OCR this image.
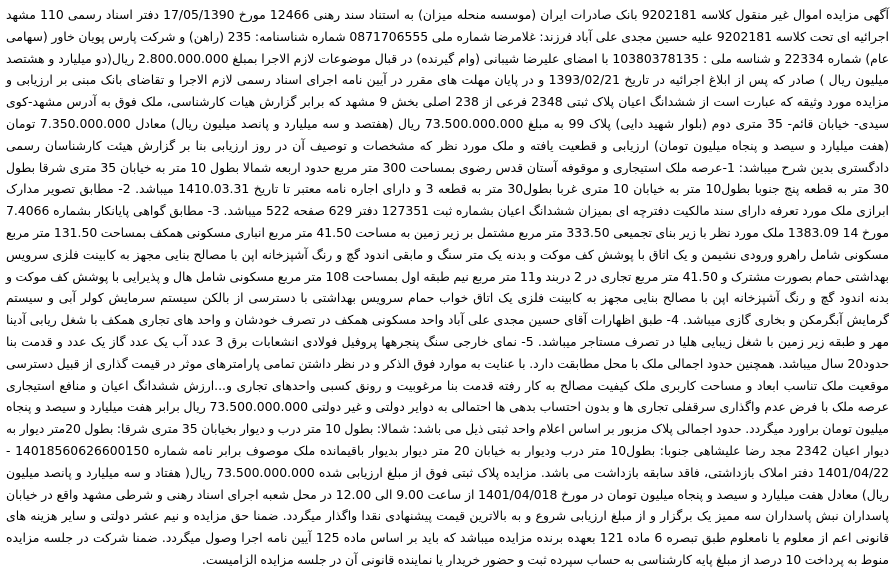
آگهی مزایده اموال غیر منقول کلاسه 9202181 بانک صادرات ایران (موسسه منحله میزان) به استناد سند رهنی 12466 مورخ 17/05/1390 دفتر اسناد رسمی 110 مشهد اجرائیه ای تحت کلاسه 9202181 علیه حسین مجدی علی آباد فرزند: غلامرضا شماره ملی 0871706555 شماره شناسنامه: 235 (راهن) و شرکت پارس پویان خاور (سهامی عام) شماره 22334 و شناسه ملی : 10380378135 با امضای علیرضا شیبانی (وام گیرنده) در قبال موضوعات لازم الاجرا بمبلغ 2.800.000.000 ریال(دو میلیارد و هشتصد میلیون ریال ) صادر که پس از ابلاغ اجرائیه در تاریخ 1393/02/21 و در پایان مهلت های مقرر در آیین نامه اجرای اسناد رسمی لازم الاجرا و تقاضای بانک مبنی بر ارزیابی و مزایده مورد وثیقه که عبارت است از ششدانگ اعیان پلاک ثبتی 2348 فرعی از 238 اصلی بخش 9 مشهد که برابر گزارش هیات کارشناسی، ملک فوق به آدرس مشهد-کوی سیدی- خیابان قائم- 35 متری دوم (بلوار شهید دایی) پلاک 99 به مبلغ 73.500.000.000 ریال (هفتصد و سه میلیارد و پانصد میلیون ریال) معادل 7.350.000.000 تومان (هفت میلیارد و سیصد و پنجاه میلیون تومان) ارزیابی و قطعیت یافته و ملک مورد نظر که مشخصات و توصیف آن در روز ارزیابی بنا بر گزارش هیئت کارشناسان رسمی دادگستری بدین شرح میباشد: 1-عرصه ملک استیجاری و موقوفه آستان قدس رضوی بمساحت 300 متر مربع حدود اربعه شمالا بطول 10 متر به خیابان 35 متری شرقا بطول 30 متر به قطعه پنج جنوبا بطول10 متر به خیابان 10 متری غربا بطول30 متر به قطعه 3 و دارای اجاره نامه معتبر تا تاریخ 1410.03.31 میباشد. 2- مطابق تصویر مدارک ابرازی ملک مورد تعرفه دارای سند مالکیت دفترچه ای بمیزان ششدانگ اعیان بشماره ثبت 127351 دفتر 629 صفحه 522 میباشد. 3- مطابق گواهی پایانکار بشماره 7.4066 مورخ 14 1383.09 ملک مورد نظر با زیر بنای تجمیعی 333.50 متر مربع مشتمل بر زیر زمین به مساحت 41.50 متر مربع انباری مسکونی همکف بمساحت 131.50 متر مربع مسکونی شامل راهرو ورودی نشیمن و یک اتاق با پوشش کف موکت و بدنه یک متر سنگ و مابقی اندود گچ و رنگ آشپزخانه اپن با مصالح بنایی مجهز به کابینت فلزی سرویس بهداشتی حمام بصورت مشترک و 41.50 متر مربع تجاری در 2 دربند و11 متر مربع نیم طبقه اول بمساحت 108 متر مربع مسکونی شامل هال و پذیرایی با پوشش کف موکت و بدنه اندود گچ و رنگ آشپزخانه اپن با مصالح بنایی مجهز به کابینت فلزی یک اتاق خواب حمام سرویس بهداشتی با دسترسی از بالکن سیستم سرمایش کولر آبی و سیستم گرمایش آبگرمکن و بخاری گازی میباشد. 4- طبق اظهارات آقای حسین مجدی علی آباد واحد مسکونی همکف در تصرف خودشان و واحد های تجاری همکف با شغل ریابی آدینا مهر و طبقه زیر زمین با شغل زیبایی هلیا در تصرف مستاجر میباشد. 5- نمای خارجی سنگ پنجرهها پروفیل فولادی انشعابات برق 3 عدد آب یک عدد گاز یک عدد و قدمت بنا حدود20 سال میباشد. همچنین حدود اجمالی ملک با محل مطابقت دارد. با عنایت به موارد فوق الذکر و در نظر داشتن تمامی پارامترهای موثر در قیمت گذاری از قبیل دسترسی موقعیت ملک تناسب ابعاد و مساحت کاربری ملک کیفیت مصالح به کار رفته قدمت بنا مرغوبیت و رونق کسبی واحدهای تجاری و...ارزش ششدانگ اعیان و منافع استیجاری عرصه ملک با فرض عدم واگذاری سرقفلی تجاری ها و بدون احتساب بدهی ها احتمالی به دوایر دولتی و غیر دولتی 73.500.000.000 ریال برابر هفت میلیارد و سیصد و پنجاه میلیون تومان براورد میگردد. حدود اجمالی پلاک مزبور بر اساس اعلام واحد ثبتی ذیل می باشد: شمالا: بطول 10 متر درب و دیوار بخیابان 35 متری شرقا: بطول 20متر دیوار به دیوار اعیان 2342 مجد رضا علیشاهی جنوبا: بطول10 متر درب ودیوار به خیابان 20 متر دیوار بدیوار باقیمانده ملک موصوف برابر نامه شماره 14018560626600150 - 1401/04/22 دفتر املاک بازداشتی، فاقد سابقه بازداشت می باشد. مزایده پلاک ثبتی فوق از مبلغ ارزیابی شده 73.500.000.000 ریال( هفتاد و سه میلیارد و پانصد میلیون ریال) معادل هفت میلیارد و سیصد و پنجاه میلیون تومان در مورخ 1401/04/018 از ساعت 9.00 الی 12.00 در محل شعبه اجرای اسناد رهنی و شرطی مشهد واقع در خیابان پاسداران نبش پاسداران سه ممیز یک برگزار و از مبلغ ارزیابی شروع و به بالاترین قیمت پیشنهادی نقدا واگذار میگردد. ضمنا حق مزایده و نیم عشر دولتی و سایر هزینه های قانونی اعم از معلوم یا نامعلوم طبق تبصره 6 ماده 121 بعهده برنده مزایده میباشد که باید بر اساس ماده 125 آیین نامه اجرا وصول میگردد. ضمنا شرکت در جلسه مزایده منوط به پرداخت 10 درصد از مبلغ پایه کارشناسی به حساب سپرده ثبت و حضور خریدار یا نماینده قانونی آن در جلسه مزایده الزامیست.
